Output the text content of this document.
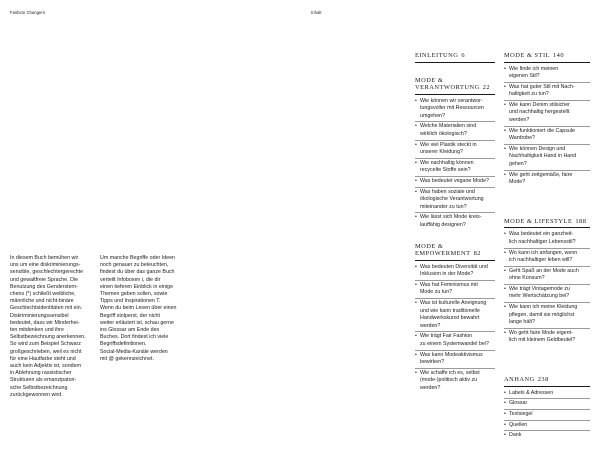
Fashion Changers

In diesem Buch bemühen wir
uns um eine diskriminierungs-
sensible, geschlechtergerechte
und gewaltfreie Sprache. Die
Benutzung des Genderstern-
chens (*) schließt weibliche,
männliche und nicht-binäre
Geschlechtsidentitäten mit ein.
Diskriminierungssensibel
bedeutet, dass wir Minderhei-
ten mitdenken und ihre
Selbstbezeichnung anerkennen.
So wird zum Beispiel Schwarz
großgeschrieben, weil es nicht
für eine Hautfarbe steht und
auch kein Adjektiv ist, sondern
in Ablehnung rassistischer
Strukturen als emanzipatori-
sche Selbstbezeichnung
zurückgewonnen wird.

Um manche Begriffe oder Ideen
noch genauer zu beleuchten,
findest du über das ganze Buch
verteilt Infoboxen i, die dir
einen tieferen Einblick in einige
Themen geben sollen, sowie
Tipps und Inspirationen T.
Wenn du beim Lesen über einen
Begriff stolperst, der nicht
weiter erläutert ist, schau gerne
ins Glossar am Ende des
Buches. Dort findest ich viele
Begriffsdefinitionen.
Social-Media-Kanäle werden
mit @ gekennzeichnet.

Inhalt
EINLEITUNG 6
MODE &
VERANTWORTUNG 22
• Wie können wir verantwor-
tungsvoller mit Ressourcen
umgehen?
• Welche Materialien sind
wirklich ökologisch?
• Wie viel Plastik steckt in
unserer Kleidung?
• Wie nachhaltig können
recycelte Stoffe sein?
• Was bedeutet vegane Mode?
• Was haben soziale und
ökologische Verantwortung
miteinander zu tun?
• Wie lässt sich Mode kreis-
lauffähig designen?
MODE &
EMPOWERMENT 82
• Was bedeuten Diversität und
Inklusion in der Mode?
• Was hat Feminismus mit
Mode zu tun?
• Was ist kulturelle Aneignung
und wie kann traditionelle
Handwerkskunst bewahrt
werden?
• Wie trägt Fair Fashion
zu einem Systemwandel bei?
• Was kann Modeaktivismus
bewirken?
• Wie schaffe ich es, selbst
(mode-)politisch aktiv zu
werden?
MODE & STIL 140
• Wie finde ich meinen
eigenen Stil?
• Was hat guter Stil mit Nach-
haltigkeit zu tun?
• Wie kann Denim stilsicher
und nachhaltig hergestellt
werden?
• Wie funktioniert die Capsule
Wardrobe?
• Wie können Design und
Nachhaltigkeit Hand in Hand
gehen?
• Wie geht zeitgemäße, faire
Mode?
MODE & LIFESTYLE 188
• Was bedeutet ein ganzheit-
lich nachhaltiger Lebensstil?
• Wo kann ich anfangen, wenn
ich nachhaltiger leben will?
• Geht Spaß an der Mode auch
ohne Konsum?
• Wie trägt Vintagemode zu
mehr Wertschätzung bei?
• Wie kann ich meine Kleidung
pflegen, damit sie möglichst
lange hält?
• Wo geht faire Mode eigent-
lich mit kleinem Geldbeutel?
ANHANG 238
• Labels & Adressen
• Glossar
• Textsiegel
• Quellen
• Dank
